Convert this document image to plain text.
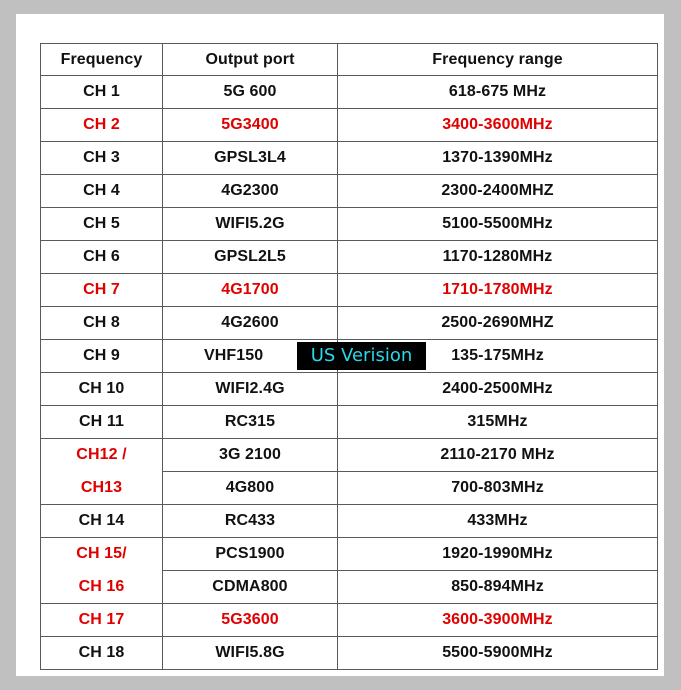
Frequency	Output port	Frequency range
CH 1	5G 600	618-675 MHz
CH 2	5G3400	3400-3600MHz
CH 3	GPSL3L4	1370-1390MHz
CH 4	4G2300	2300-2400MHZ
CH 5	WIFI5.2G	5100-5500MHz
CH 6	GPSL2L5	1170-1280MHz
CH 7	4G1700	1710-1780MHz
CH 8	4G2600	2500-2690MHZ
CH 9	VHF150	135-175MHz
CH 10	WIFI2.4G	2400-2500MHz
CH 11	RC315	315MHz
CH12 /	3G 2100	2110-2170 MHz
CH13	4G800	700-803MHz
CH 14	RC433	433MHz
CH 15/	PCS1900	1920-1990MHz
CH 16	CDMA800	850-894MHz
CH 17	5G3600	3600-3900MHz
CH 18	WIFI5.8G	5500-5900MHz
US Verision
